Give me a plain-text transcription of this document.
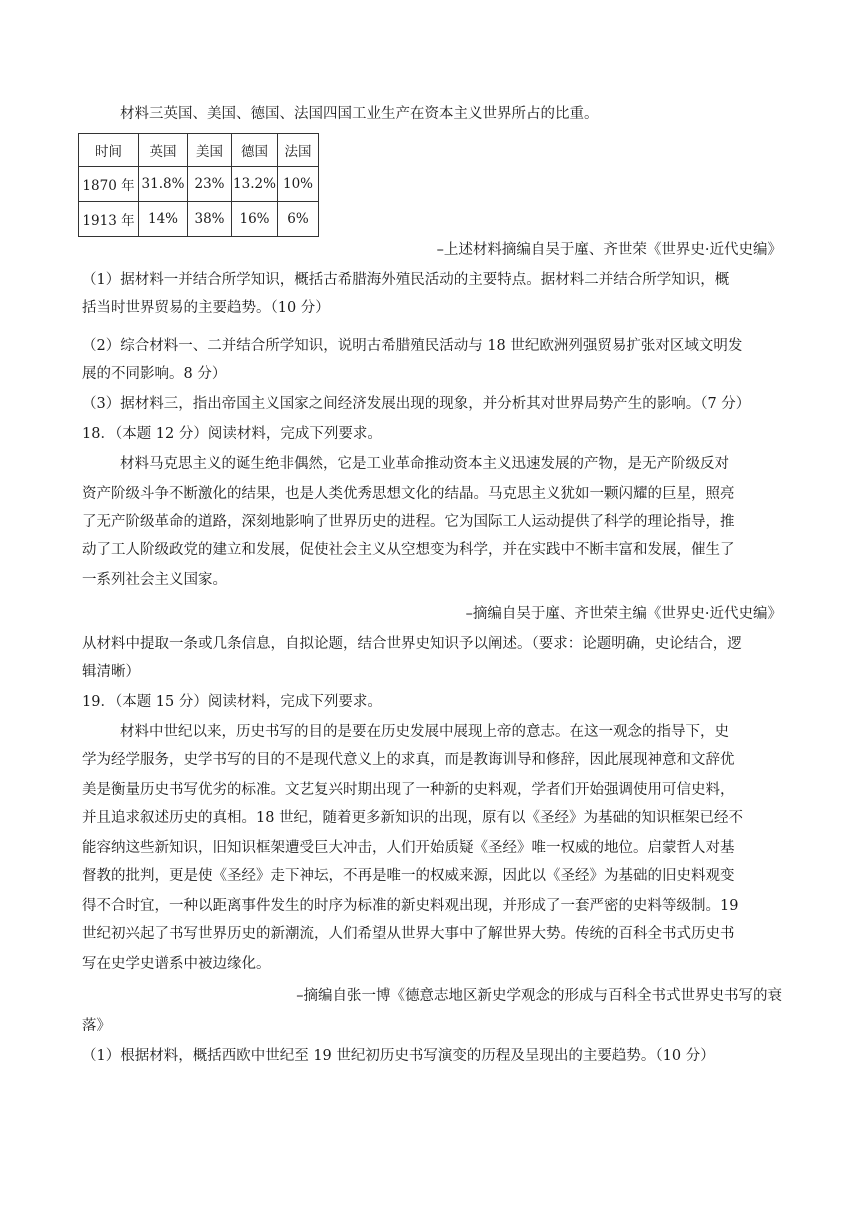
材料三英国、美国、德国、法国四国工业生产在资本主义世界所占的比重。
时间	英国	美国	德国	法国
1870 年	31.8%	23%	13.2%	10%
1913 年	14%	38%	16%	6%
–上述材料摘编自吴于廑、齐世荣《世界史·近代史编》
（1）据材料一并结合所学知识，概括古希腊海外殖民活动的主要特点。据材料二并结合所学知识，概
括当时世界贸易的主要趋势。（10 分）
（2）综合材料一、二并结合所学知识，说明古希腊殖民活动与 18 世纪欧洲列强贸易扩张对区域文明发
展的不同影响。8 分）
（3）据材料三，指出帝国主义国家之间经济发展出现的现象，并分析其对世界局势产生的影响。（7 分）
18．（本题 12 分）阅读材料，完成下列要求。
材料马克思主义的诞生绝非偶然，它是工业革命推动资本主义迅速发展的产物，是无产阶级反对
资产阶级斗争不断激化的结果，也是人类优秀思想文化的结晶。马克思主义犹如一颗闪耀的巨星，照亮
了无产阶级革命的道路，深刻地影响了世界历史的进程。它为国际工人运动提供了科学的理论指导，推
动了工人阶级政党的建立和发展，促使社会主义从空想变为科学，并在实践中不断丰富和发展，催生了
一系列社会主义国家。
–摘编自吴于廑、齐世荣主编《世界史·近代史编》
从材料中提取一条或几条信息，自拟论题，结合世界史知识予以阐述。（要求：论题明确，史论结合，逻
辑清晰）
19．（本题 15 分）阅读材料，完成下列要求。
材料中世纪以来，历史书写的目的是要在历史发展中展现上帝的意志。在这一观念的指导下，史
学为经学服务，史学书写的目的不是现代意义上的求真，而是教诲训导和修辞，因此展现神意和文辞优
美是衡量历史书写优劣的标准。文艺复兴时期出现了一种新的史料观，学者们开始强调使用可信史料，
并且追求叙述历史的真相。18 世纪，随着更多新知识的出现，原有以《圣经》为基础的知识框架已经不
能容纳这些新知识，旧知识框架遭受巨大冲击，人们开始质疑《圣经》唯一权威的地位。启蒙哲人对基
督教的批判，更是使《圣经》走下神坛，不再是唯一的权威来源，因此以《圣经》为基础的旧史料观变
得不合时宜，一种以距离事件发生的时序为标准的新史料观出现，并形成了一套严密的史料等级制。19
世纪初兴起了书写世界历史的新潮流，人们希望从世界大事中了解世界大势。传统的百科全书式历史书
写在史学史谱系中被边缘化。
–摘编自张一博《德意志地区新史学观念的形成与百科全书式世界史书写的衰
落》
（1）根据材料，概括西欧中世纪至 19 世纪初历史书写演变的历程及呈现出的主要趋势。（10 分）
